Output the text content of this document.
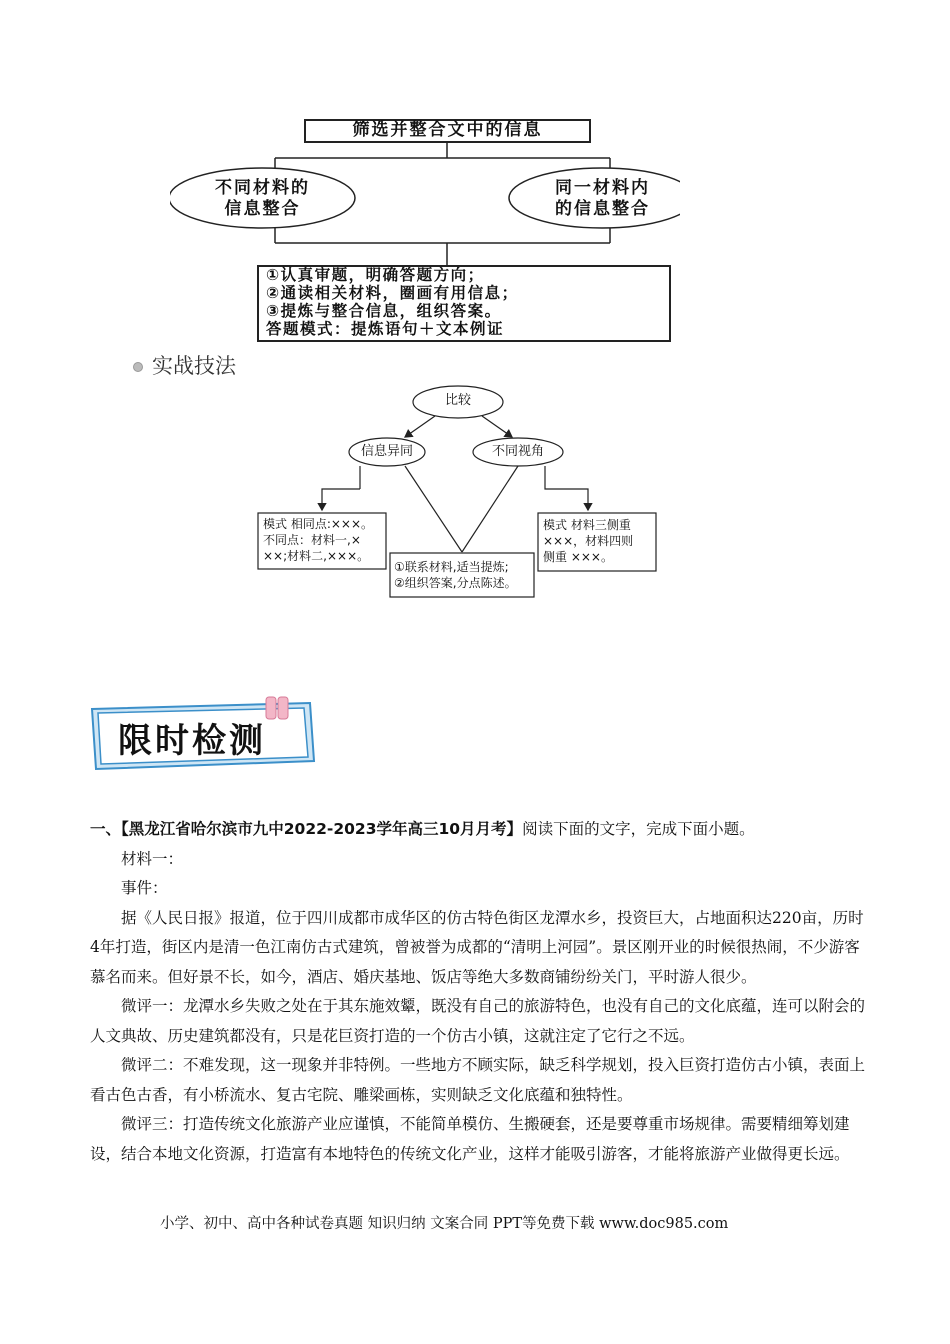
筛选并整合文中的信息
不同材料的
信息整合
同一材料内
的信息整合
①认真审题，明确答题方向；
②通读相关材料，圈画有用信息；
③提炼与整合信息，组织答案。
答题模式：提炼语句＋文本例证
实战技法
比较
信息异同	不同视角
模式 相同点:×××。
不同点：材料一,×
××;材料二,×××。
①联系材料,适当提炼;
②组织答案,分点陈述。
模式 材料三侧重
×××，材料四则
侧重 ×××。
限时检测

一、【黑龙江省哈尔滨市九中2022-2023学年高三10月月考】阅读下面的文字，完成下面小题。

材料一：

事件：

据《人民日报》报道，位于四川成都市成华区的仿古特色街区龙潭水乡，投资巨大，占地面积达220亩，历时4年打造，街区内是清一色江南仿古式建筑，曾被誉为成都的“清明上河园”。景区刚开业的时候很热闹，不少游客慕名而来。但好景不长，如今，酒店、婚庆基地、饭店等绝大多数商铺纷纷关门，平时游人很少。

微评一：龙潭水乡失败之处在于其东施效颦，既没有自己的旅游特色，也没有自己的文化底蕴，连可以附会的人文典故、历史建筑都没有，只是花巨资打造的一个仿古小镇，这就注定了它行之不远。

微评二：不难发现，这一现象并非特例。一些地方不顾实际，缺乏科学规划，投入巨资打造仿古小镇，表面上看古色古香，有小桥流水、复古宅院、雕梁画栋，实则缺乏文化底蕴和独特性。

微评三：打造传统文化旅游产业应谨慎，不能简单模仿、生搬硬套，还是要尊重市场规律。需要精细筹划建设，结合本地文化资源，打造富有本地特色的传统文化产业，这样才能吸引游客，才能将旅游产业做得更长远。

小学、初中、高中各种试卷真题 知识归纳 文案合同 PPT等免费下载 www.doc985.com
